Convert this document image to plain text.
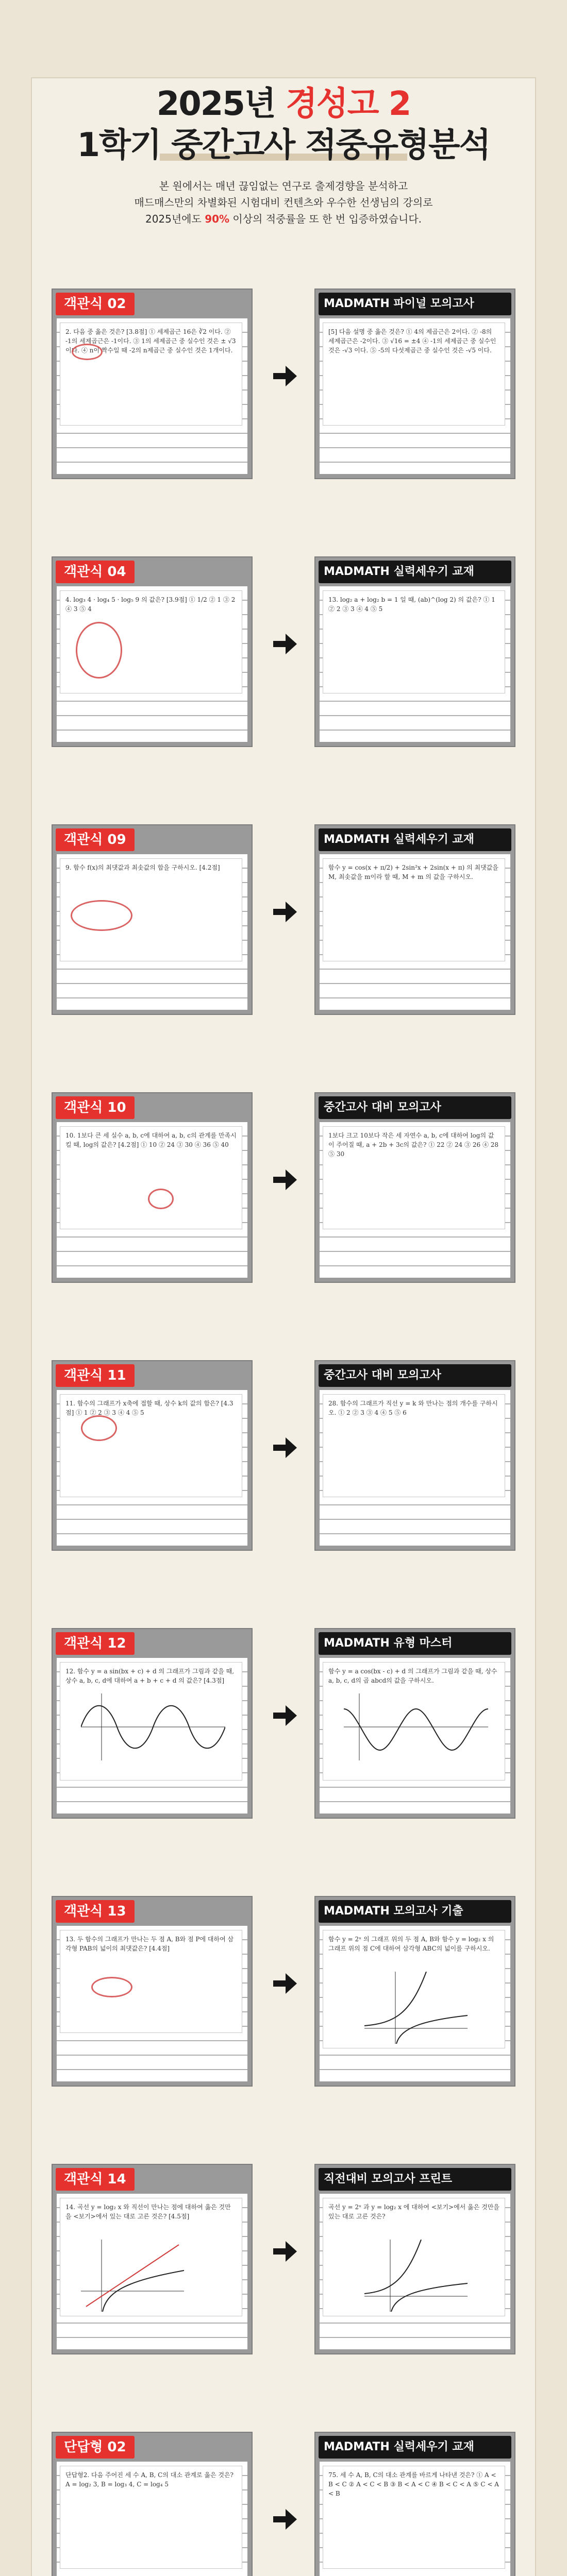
2025년 경성고 2
1학기 중간고사 적중유형분석
본 원에서는 매년 끊임없는 연구로 출제경향을 분석하고
매드매스만의 차별화된 시험대비 컨텐츠와 우수한 선생님의 강의로
2025년에도 90% 이상의 적중률을 또 한 번 입증하였습니다.
객관식 02
2. 다음 중 옳은 것은? [3.8점] ① 세제곱근 16은 ∛2 이다. ② -1의 세제곱근은 -1이다. ③ 1의 세제곱근 중 실수인 것은 ± √3 이다. ④ n이 짝수일 때 -2의 n제곱근 중 실수인 것은 1개이다.
MADMATH 파이널 모의고사
[5] 다음 설명 중 옳은 것은? ① 4의 제곱근은 2이다. ② -8의 세제곱근은 -2이다. ③ √16 = ±4 ④ -1의 세제곱근 중 실수인 것은 -√3 이다. ⑤ -5의 다섯제곱근 중 실수인 것은 -√5 이다.
객관식 04
4. log₃ 4 · log₄ 5 · log₅ 9 의 값은? [3.9점] ① 1/2 ② 1 ③ 2 ④ 3 ⑤ 4
MADMATH 실력세우기 교재
13. log₂ a + log₂ b = 1 일 때, (ab)^(log 2) 의 값은? ① 1 ② 2 ③ 3 ④ 4 ⑤ 5
객관식 09
9. 함수 f(x)의 최댓값과 최솟값의 합을 구하시오. [4.2점]
MADMATH 실력세우기 교재
함수 y = cos(x + π/2) + 2sin²x + 2sin(x + π) 의 최댓값을 M, 최솟값을 m이라 할 때, M + m 의 값을 구하시오.
객관식 10
10. 1보다 큰 세 실수 a, b, c에 대하여 a, b, c의 관계를 만족시킬 때, log의 값은? [4.2점] ① 10 ② 24 ③ 30 ④ 36 ⑤ 40
중간고사 대비 모의고사
1보다 크고 10보다 작은 세 자연수 a, b, c에 대하여 log의 값이 주어질 때, a + 2b + 3c의 값은? ① 22 ② 24 ③ 26 ④ 28 ⑤ 30
객관식 11
11. 함수의 그래프가 x축에 접할 때, 상수 k의 값의 합은? [4.3점] ① 1 ② 2 ③ 3 ④ 4 ⑤ 5
중간고사 대비 모의고사
28. 함수의 그래프가 직선 y = k 와 만나는 점의 개수를 구하시오. ① 2 ② 3 ③ 4 ④ 5 ⑤ 6
객관식 12
12. 함수 y = a sin(bx + c) + d 의 그래프가 그림과 같을 때, 상수 a, b, c, d에 대하여 a + b + c + d 의 값은? [4.3점]
MADMATH 유형 마스터
함수 y = a cos(bx - c) + d 의 그래프가 그림과 같을 때, 상수 a, b, c, d의 곱 abcd의 값을 구하시오.
객관식 13
13. 두 함수의 그래프가 만나는 두 점 A, B와 점 P에 대하여 삼각형 PAB의 넓이의 최댓값은? [4.4점]
MADMATH 모의고사 기출
함수 y = 2ˣ 의 그래프 위의 두 점 A, B와 함수 y = log₂ x 의 그래프 위의 점 C에 대하여 삼각형 ABC의 넓이를 구하시오.
객관식 14
14. 곡선 y = log₂ x 와 직선이 만나는 점에 대하여 옳은 것만을 <보기>에서 있는 대로 고른 것은? [4.5점]
직전대비 모의고사 프린트
곡선 y = 2ˣ 과 y = log₂ x 에 대하여 <보기>에서 옳은 것만을 있는 대로 고른 것은?
단답형 02
단답형2. 다음 주어진 세 수 A, B, C의 대소 관계로 옳은 것은? A = log₂ 3, B = log₃ 4, C = log₄ 5
MADMATH 실력세우기 교재
75. 세 수 A, B, C의 대소 관계를 바르게 나타낸 것은? ① A < B < C ② A < C < B ③ B < A < C ④ B < C < A ⑤ C < A < B
